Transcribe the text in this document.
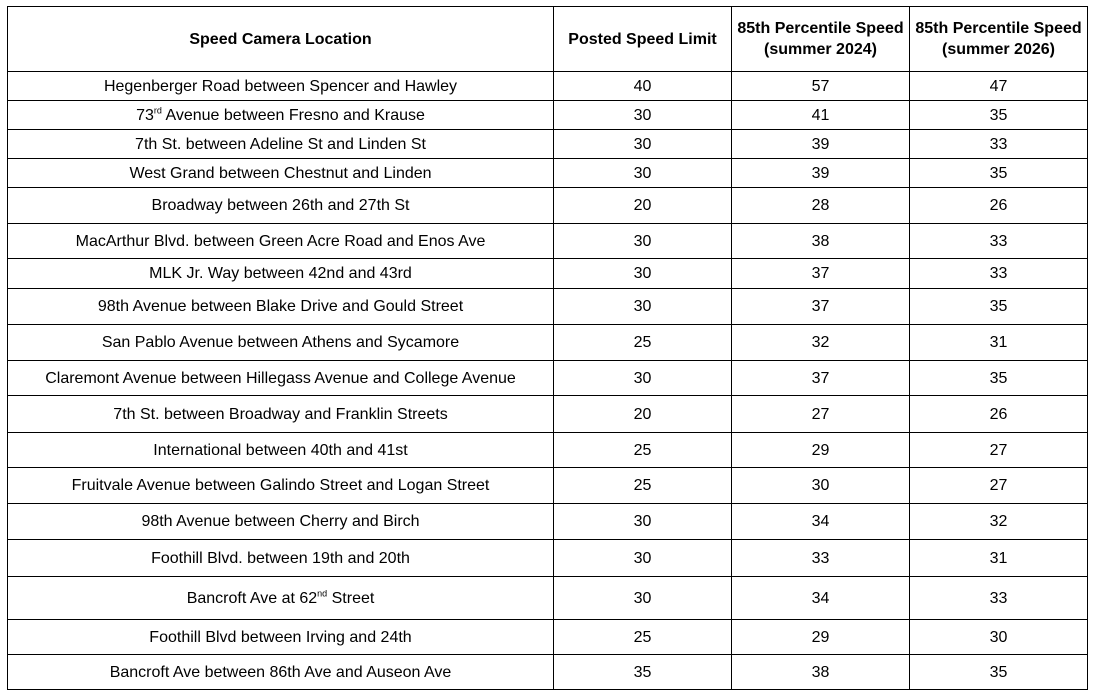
Speed Camera Location	Posted Speed Limit	85th Percentile Speed (summer 2024)	85th Percentile Speed (summer 2026)
Hegenberger Road between Spencer and Hawley	40	57	47
73rd Avenue between Fresno and Krause	30	41	35
7th St. between Adeline St and Linden St	30	39	33
West Grand between Chestnut and Linden	30	39	35
Broadway between 26th and 27th St	20	28	26
MacArthur Blvd. between Green Acre Road and Enos Ave	30	38	33
MLK Jr. Way between 42nd and 43rd	30	37	33
98th Avenue between Blake Drive and Gould Street	30	37	35
San Pablo Avenue between Athens and Sycamore	25	32	31
Claremont Avenue between Hillegass Avenue and College Avenue	30	37	35
7th St. between Broadway and Franklin Streets	20	27	26
International between 40th and 41st	25	29	27
Fruitvale Avenue between Galindo Street and Logan Street	25	30	27
98th Avenue between Cherry and Birch	30	34	32
Foothill Blvd. between 19th and 20th	30	33	31
Bancroft Ave at 62nd Street	30	34	33
Foothill Blvd between Irving and 24th	25	29	30
Bancroft Ave between 86th Ave and Auseon Ave	35	38	35
